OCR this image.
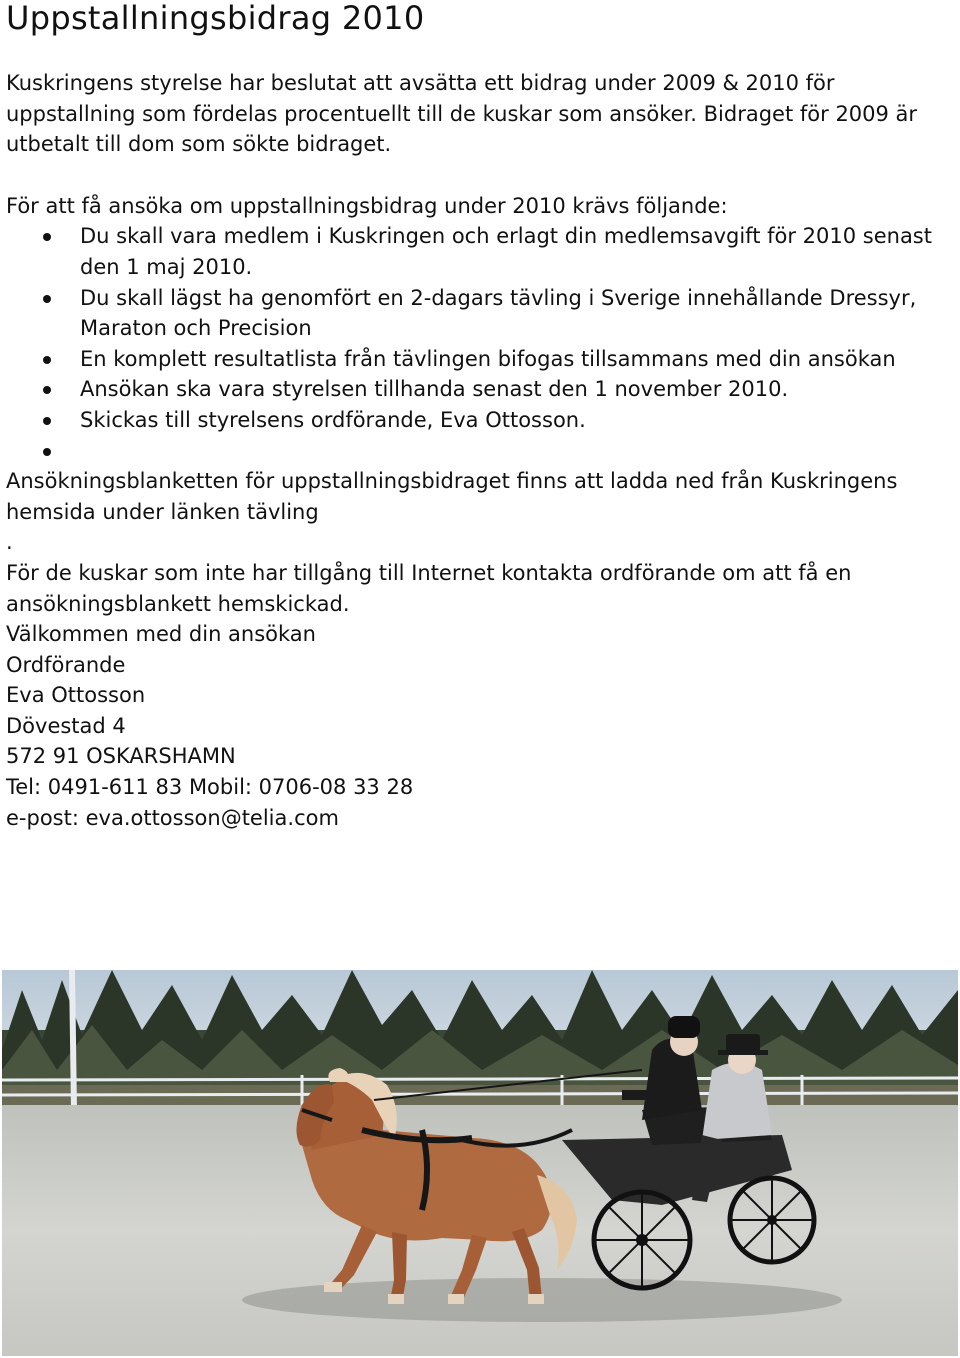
Uppstallningsbidrag 2010

Kuskringens styrelse har beslutat att avsätta ett bidrag under 2009 & 2010 för uppstallning som fördelas procentuellt till de kuskar som ansöker. Bidraget för 2009 är utbetalt till dom som sökte bidraget.

För att få ansöka om uppstallningsbidrag under 2010 krävs följande:

Du skall vara medlem i Kuskringen och erlagt din medlemsavgift för 2010 senast den 1 maj 2010.
Du skall lägst ha genomfört en 2-dagars tävling i Sverige innehållande Dressyr, Maraton och Precision
En komplett resultatlista från tävlingen bifogas tillsammans med din ansökan
Ansökan ska vara styrelsen tillhanda senast den 1 november 2010.
Skickas till styrelsens ordförande, Eva Ottosson.

Ansökningsblanketten för uppstallningsbidraget finns att ladda ned från Kuskringens hemsida under länken tävling

.

För de kuskar som inte har tillgång till Internet kontakta ordförande om att få en ansökningsblankett hemskickad.

Välkommen med din ansökan

Ordförande

Eva Ottosson

Dövestad 4

572 91 OSKARSHAMN

Tel: 0491-611 83 Mobil: 0706-08 33 28

e-post: eva.ottosson@telia.com
